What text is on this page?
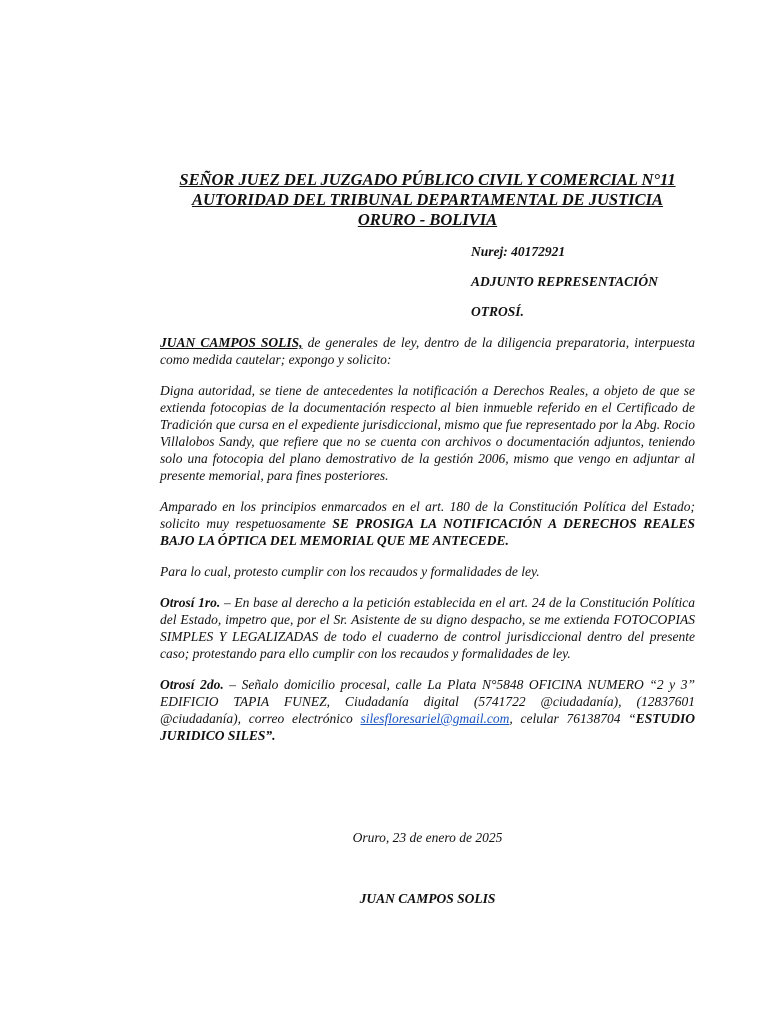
SEÑOR JUEZ DEL JUZGADO PÚBLICO CIVIL Y COMERCIAL N°11
AUTORIDAD DEL TRIBUNAL DEPARTAMENTAL DE JUSTICIA
ORURO - BOLIVIA
Nurej: 40172921
ADJUNTO REPRESENTACIÓN
OTROSÍ.

JUAN CAMPOS SOLIS, de generales de ley, dentro de la diligencia preparatoria, interpuesta como medida cautelar; expongo y solicito:

Digna autoridad, se tiene de antecedentes la notificación a Derechos Reales, a objeto de que se extienda fotocopias de la documentación respecto al bien inmueble referido en el Certificado de Tradición que cursa en el expediente jurisdiccional, mismo que fue representado por la Abg. Rocio Villalobos Sandy, que refiere que no se cuenta con archivos o documentación adjuntos, teniendo solo una fotocopia del plano demostrativo de la gestión 2006, mismo que vengo en adjuntar al presente memorial, para fines posteriores.

Amparado en los principios enmarcados en el art. 180 de la Constitución Política del Estado; solicito muy respetuosamente SE PROSIGA LA NOTIFICACIÓN A DERECHOS REALES BAJO LA ÓPTICA DEL MEMORIAL QUE ME ANTECEDE.

Para lo cual, protesto cumplir con los recaudos y formalidades de ley.

Otrosí 1ro. – En base al derecho a la petición establecida en el art. 24 de la Constitución Política del Estado, impetro que, por el Sr. Asistente de su digno despacho, se me extienda FOTOCOPIAS SIMPLES Y LEGALIZADAS de todo el cuaderno de control jurisdiccional dentro del presente caso; protestando para ello cumplir con los recaudos y formalidades de ley.

Otrosí 2do. – Señalo domicilio procesal, calle La Plata N°5848 OFICINA NUMERO “2 y 3” EDIFICIO TAPIA FUNEZ, Ciudadanía digital (5741722 @ciudadanía), (12837601 @ciudadanía), correo electrónico silesfloresariel@gmail.com, celular 76138704 “ESTUDIO JURIDICO SILES”.

Oruro, 23 de enero de 2025
JUAN CAMPOS SOLIS
